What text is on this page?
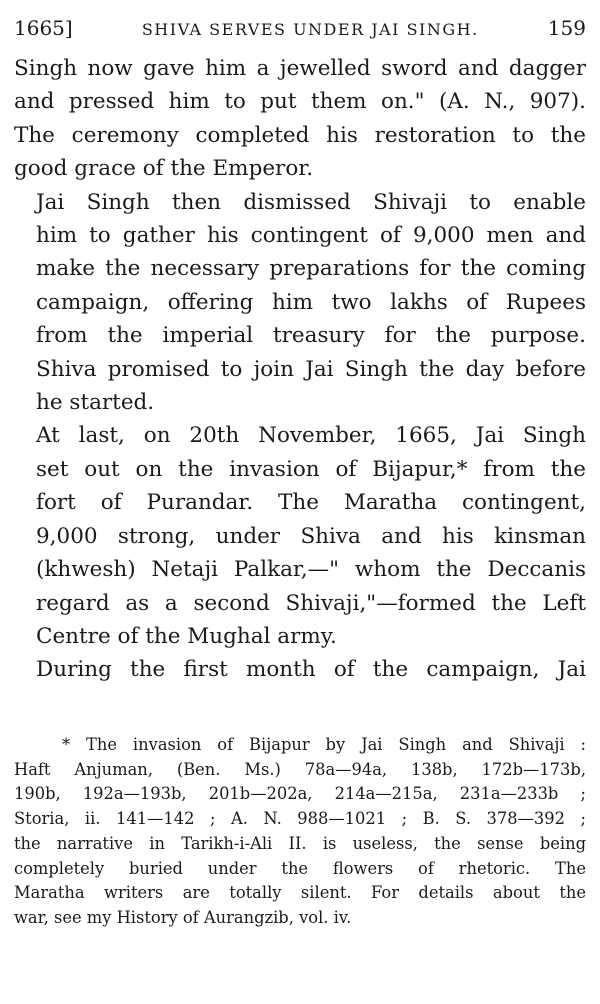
1665]	SHIVA SERVES UNDER JAI SINGH.	159

Singh now gave him a jewelled sword and dagger
and pressed him to put them on." (A. N., 907).
The ceremony completed his restoration to the
good grace of the Emperor.

Jai Singh then dismissed Shivaji to enable
him to gather his contingent of 9,000 men and
make the necessary preparations for the coming
campaign, offering him two lakhs of Rupees
from the imperial treasury for the purpose.
Shiva promised to join Jai Singh the day before
he started.

At last, on 20th November, 1665, Jai Singh
set out on the invasion of Bijapur,* from the
fort of Purandar. The Maratha contingent,
9,000 strong, under Shiva and his kinsman
(khwesh) Netaji Palkar,—" whom the Deccanis
regard as a second Shivaji,"—formed the Left
Centre of the Mughal army.

During the first month of the campaign, Jai

* The invasion of Bijapur by Jai Singh and Shivaji :
Haft Anjuman, (Ben. Ms.) 78a—94a, 138b, 172b—173b,
190b, 192a—193b, 201b—202a, 214a—215a, 231a—233b ;
Storia, ii. 141—142 ; A. N. 988—1021 ; B. S. 378—392 ;
the narrative in Tarikh-i-Ali II. is useless, the sense being
completely buried under the flowers of rhetoric. The
Maratha writers are totally silent. For details about the
war, see my History of Aurangzib, vol. iv.
